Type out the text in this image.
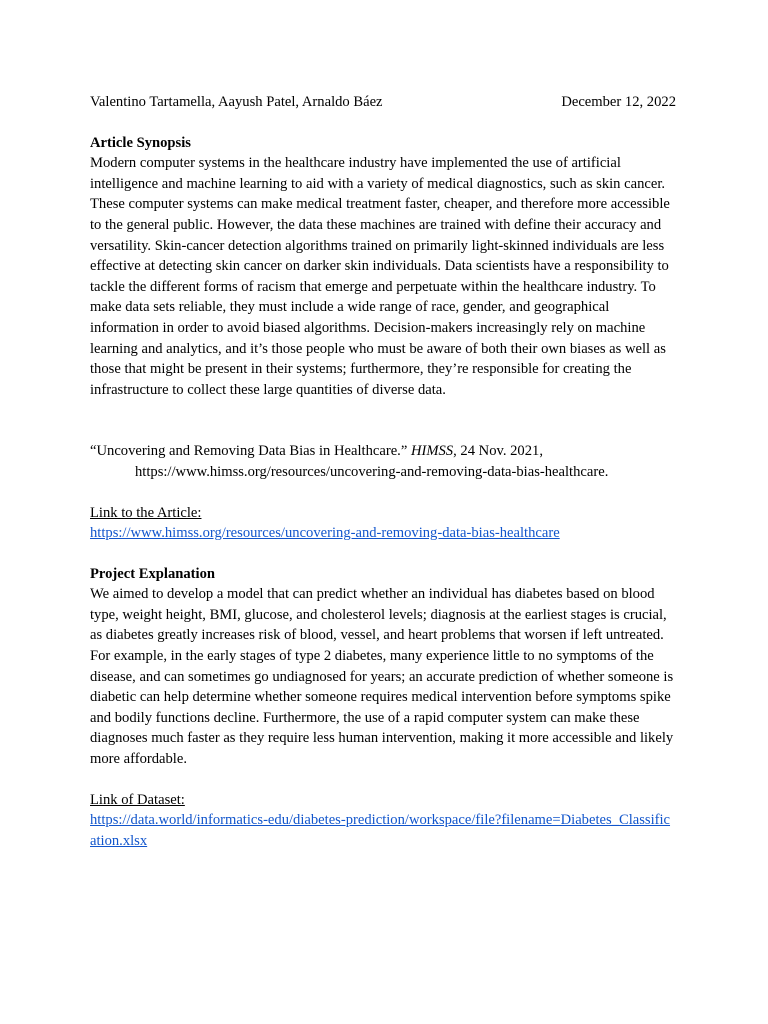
Valentino Tartamella, Aayush Patel, Arnaldo Báez	December 12, 2022
Article Synopsis

Modern computer systems in the healthcare industry have implemented the use of artificial intelligence and machine learning to aid with a variety of medical diagnostics, such as skin cancer. These computer systems can make medical treatment faster, cheaper, and therefore more accessible to the general public. However, the data these machines are trained with define their accuracy and versatility. Skin-cancer detection algorithms trained on primarily light-skinned individuals are less effective at detecting skin cancer on darker skin individuals. Data scientists have a responsibility to tackle the different forms of racism that emerge and perpetuate within the healthcare industry. To make data sets reliable, they must include a wide range of race, gender, and geographical information in order to avoid biased algorithms. Decision-makers increasingly rely on machine learning and analytics, and it’s those people who must be aware of both their own biases as well as those that might be present in their systems; furthermore, they’re responsible for creating the infrastructure to collect these large quantities of diverse data.

“Uncovering and Removing Data Bias in Healthcare.” HIMSS, 24 Nov. 2021,
https://www.himss.org/resources/uncovering-and-removing-data-bias-healthcare.
Link to the Article:
https://www.himss.org/resources/uncovering-and-removing-data-bias-healthcare
Project Explanation

We aimed to develop a model that can predict whether an individual has diabetes based on blood type, weight height, BMI, glucose, and cholesterol levels; diagnosis at the earliest stages is crucial, as diabetes greatly increases risk of blood, vessel, and heart problems that worsen if left untreated. For example, in the early stages of type 2 diabetes, many experience little to no symptoms of the disease, and can sometimes go undiagnosed for years; an accurate prediction of whether someone is diabetic can help determine whether someone requires medical intervention before symptoms spike and bodily functions decline. Furthermore, the use of a rapid computer system can make these diagnoses much faster as they require less human intervention, making it more accessible and likely more affordable.

Link of Dataset:
https://data.world/informatics-edu/diabetes-prediction/workspace/file?filename=Diabetes_Classification.xlsx
